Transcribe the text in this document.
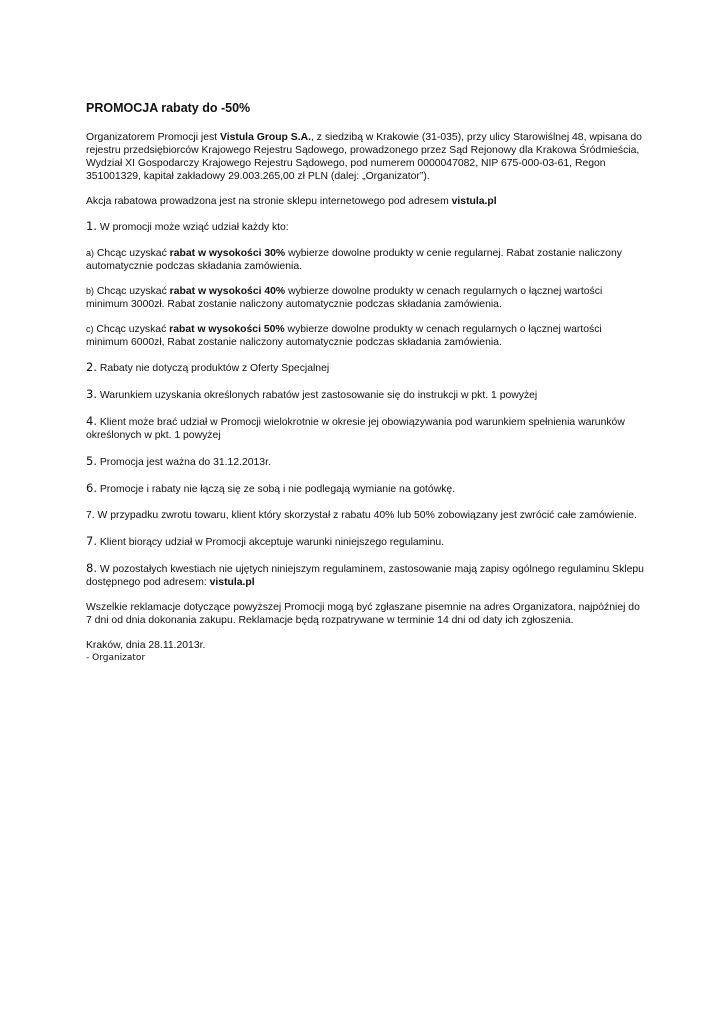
PROMOCJA rabaty do -50%

Organizatorem Promocji jest Vistula Group S.A., z siedzibą w Krakowie (31-035), przy ulicy Starowiślnej 48, wpisana do rejestru przedsiębiorców Krajowego Rejestru Sądowego, prowadzonego przez Sąd Rejonowy dla Krakowa Śródmieścia, Wydział XI Gospodarczy Krajowego Rejestru Sądowego, pod numerem 0000047082, NIP 675-000-03-61, Regon 351001329, kapitał zakładowy 29.003.265,00 zł PLN (dalej: „Organizator”).

Akcja rabatowa prowadzona jest na stronie sklepu internetowego pod adresem vistula.pl

1. W promocji może wziąć udział każdy kto:

a) Chcąc uzyskać rabat w wysokości 30% wybierze dowolne produkty w cenie regularnej. Rabat zostanie naliczony automatycznie podczas składania zamówienia.

b) Chcąc uzyskać rabat w wysokości 40% wybierze dowolne produkty w cenach regularnych o łącznej wartości minimum 3000zł. Rabat zostanie naliczony automatycznie podczas składania zamówienia.

c) Chcąc uzyskać rabat w wysokości 50% wybierze dowolne produkty w cenach regularnych o łącznej wartości minimum 6000zł, Rabat zostanie naliczony automatycznie podczas składania zamówienia.

2. Rabaty nie dotyczą produktów z Oferty Specjalnej

3. Warunkiem uzyskania określonych rabatów jest zastosowanie się do instrukcji w pkt. 1 powyżej

4. Klient może brać udział w Promocji wielokrotnie w okresie jej obowiązywania pod warunkiem spełnienia warunków określonych w pkt. 1 powyżej

5. Promocja jest ważna do 31.12.2013r.

6. Promocje i rabaty nie łączą się ze sobą i nie podlegają wymianie na gotówkę.

7. W przypadku zwrotu towaru, klient który skorzystał z rabatu 40% lub 50% zobowiązany jest zwrócić całe zamówienie.

7. Klient biorący udział w Promocji akceptuje warunki niniejszego regulaminu.

8. W pozostałych kwestiach nie ujętych niniejszym regulaminem, zastosowanie mają zapisy ogólnego regulaminu Sklepu dostępnego pod adresem: vistula.pl

Wszelkie reklamacje dotyczące powyższej Promocji mogą być zgłaszane pisemnie na adres Organizatora, najpóźniej do 7 dni od dnia dokonania zakupu. Reklamacje będą rozpatrywane w terminie 14 dni od daty ich zgłoszenia.

Kraków, dnia 28.11.2013r.

- Organizator
